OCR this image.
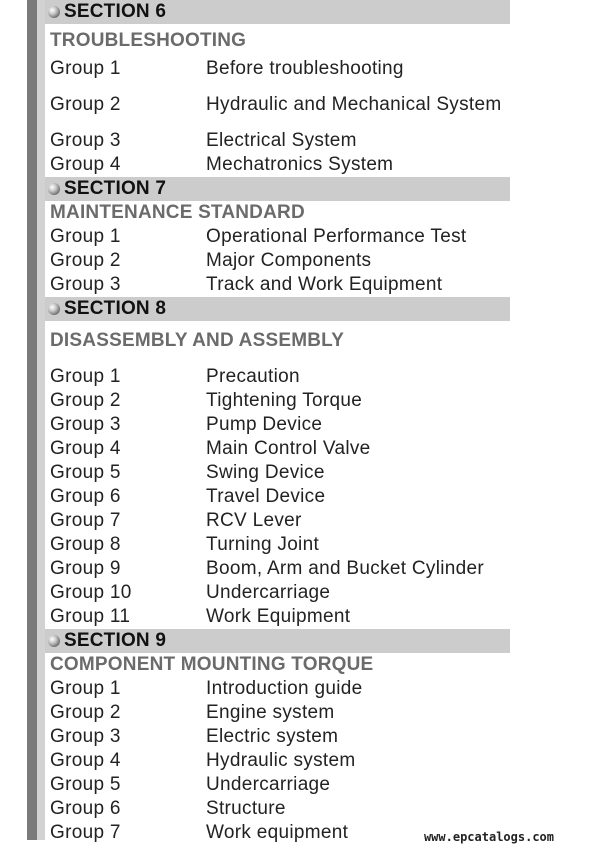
SECTION 6
TROUBLESHOOTING
Group 1	Before troubleshooting
Group 2	Hydraulic and Mechanical System
Group 3	Electrical System
Group 4	Mechatronics System
SECTION 7
MAINTENANCE STANDARD
Group 1	Operational Performance Test
Group 2	Major Components
Group 3	Track and Work Equipment
SECTION 8
DISASSEMBLY AND ASSEMBLY
Group 1	Precaution
Group 2	Tightening Torque
Group 3	Pump Device
Group 4	Main Control Valve
Group 5	Swing Device
Group 6	Travel Device
Group 7	RCV Lever
Group 8	Turning Joint
Group 9	Boom, Arm and Bucket Cylinder
Group 10	Undercarriage
Group 11	Work Equipment
SECTION 9
COMPONENT MOUNTING TORQUE
Group 1	Introduction guide
Group 2	Engine system
Group 3	Electric system
Group 4	Hydraulic system
Group 5	Undercarriage
Group 6	Structure
Group 7	Work equipment	www.epcatalogs.com
